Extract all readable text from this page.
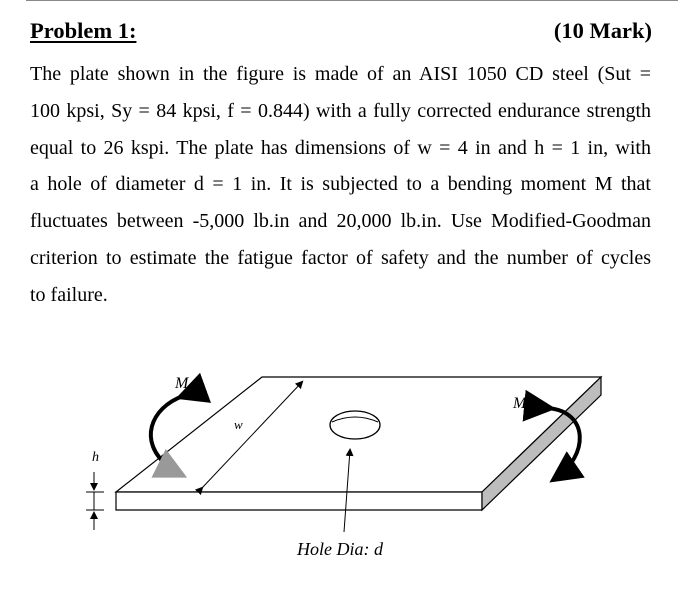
Problem 1:	(10 Mark)
The plate shown in the figure is made of an AISI 1050 CD steel (Sut =
100 kpsi, Sy = 84 kpsi, f = 0.844) with a fully corrected endurance strength
equal to 26 kspi. The plate has dimensions of w = 4 in and h = 1 in, with
a hole of diameter d = 1 in. It is subjected to a bending moment M that
fluctuates between -5,000 lb.in and 20,000 lb.in. Use Modified-Goodman
criterion to estimate the fatigue factor of safety and the number of cycles
to failure.
w
M
M
h
Hole Dia: d
